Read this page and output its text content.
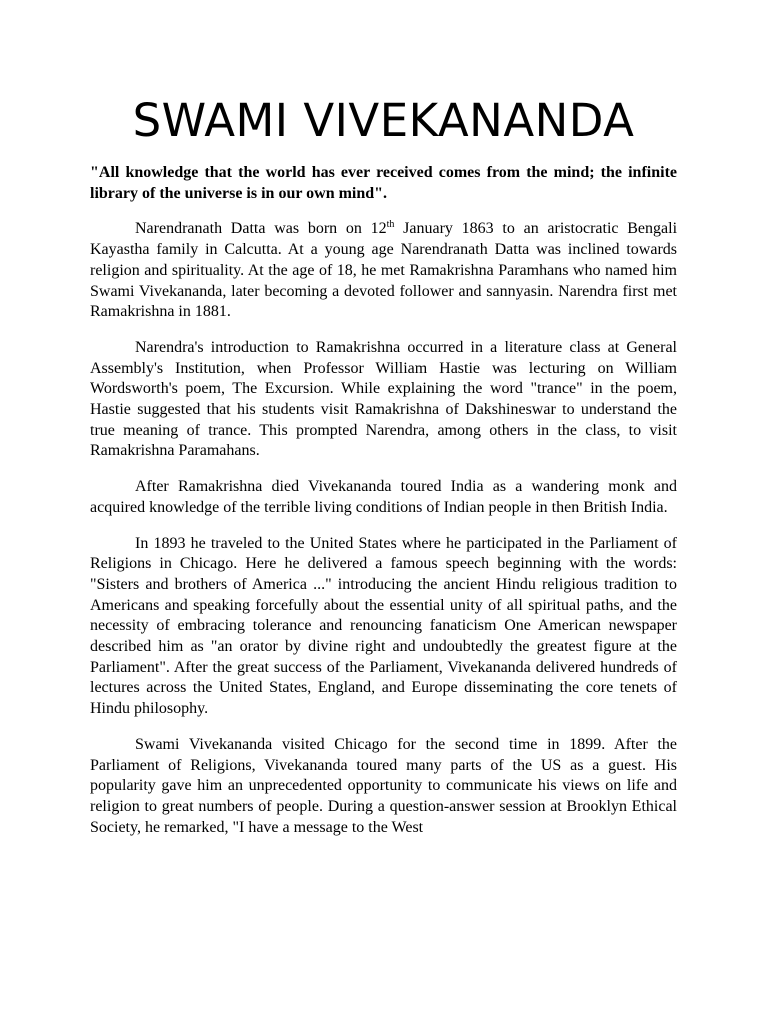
SWAMI VIVEKANANDA

"All knowledge that the world has ever received comes from the mind; the infinite library of the universe is in our own mind".

Narendranath Datta was born on 12th January 1863 to an aristocratic Bengali Kayastha family in Calcutta. At a young age Narendranath Datta was inclined towards religion and spirituality. At the age of 18, he met Ramakrishna Paramhans who named him Swami Vivekananda, later becoming a devoted follower and sannyasin. Narendra first met Ramakrishna in 1881.

Narendra's introduction to Ramakrishna occurred in a literature class at General Assembly's Institution, when Professor William Hastie was lecturing on William Wordsworth's poem, The Excursion. While explaining the word "trance" in the poem, Hastie suggested that his students visit Ramakrishna of Dakshineswar to understand the true meaning of trance. This prompted Narendra, among others in the class, to visit Ramakrishna Paramahans.

After Ramakrishna died Vivekananda toured India as a wandering monk and acquired knowledge of the terrible living conditions of Indian people in then British India.

In 1893 he traveled to the United States where he participated in the Parliament of Religions in Chicago. Here he delivered a famous speech beginning with the words: "Sisters and brothers of America ..." introducing the ancient Hindu religious tradition to Americans and speaking forcefully about the essential unity of all spiritual paths, and the necessity of embracing tolerance and renouncing fanaticism One American newspaper described him as "an orator by divine right and undoubtedly the greatest figure at the Parliament". After the great success of the Parliament, Vivekananda delivered hundreds of lectures across the United States, England, and Europe disseminating the core tenets of Hindu philosophy.

Swami Vivekananda visited Chicago for the second time in 1899. After the Parliament of Religions, Vivekananda toured many parts of the US as a guest. His popularity gave him an unprecedented opportunity to communicate his views on life and religion to great numbers of people. During a question-answer session at Brooklyn Ethical Society, he remarked, "I have a message to the West
